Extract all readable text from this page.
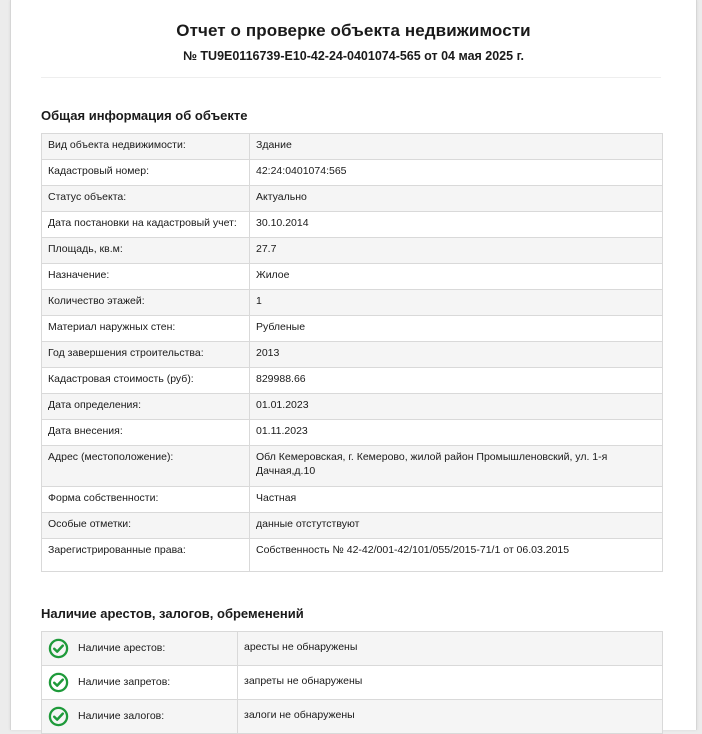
Отчет о проверке объекта недвижимости
№ TU9E0116739-E10-42-24-0401074-565 от 04 мая 2025 г.
Общая информация об объекте
Вид объекта недвижимости:	Здание
Кадастровый номер:	42:24:0401074:565
Статус объекта:	Актуально
Дата постановки на кадастровый учет:	30.10.2014
Площадь, кв.м:	27.7
Назначение:	Жилое
Количество этажей:	1
Материал наружных стен:	Рубленые
Год завершения строительства:	2013
Кадастровая стоимость (руб):	829988.66
Дата определения:	01.01.2023
Дата внесения:	01.11.2023
Адрес (местоположение):	Обл Кемеровская, г. Кемерово, жилой район Промышленовский, ул. 1-я Дачная,д.10
Форма собственности:	Частная
Особые отметки:	данные отстутствуют
Зарегистрированные права:	Собственность № 42-42/001-42/101/055/2015-71/1 от 06.03.2015
Наличие арестов, залогов, обременений
Наличие арестов:	аресты не обнаружены

Наличие запретов:	запреты не обнаружены

Наличие залогов:	залоги не обнаружены
